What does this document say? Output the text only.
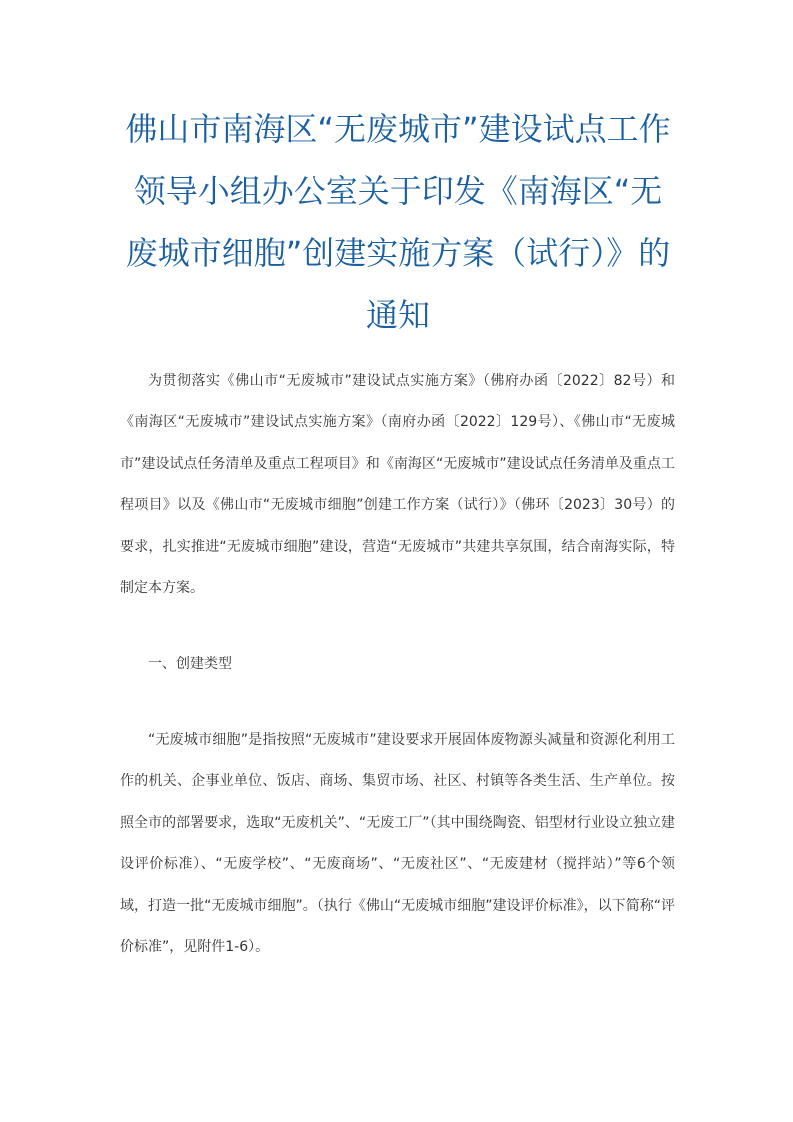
佛山市南海区“无废城市”建设试点工作领导小组办公室关于印发《南海区“无废城市细胞”创建实施方案（试行）》的通知

为贯彻落实《佛山市“无废城市”建设试点实施方案》（佛府办函〔2022〕82号）和《南海区“无废城市”建设试点实施方案》（南府办函〔2022〕129号）、《佛山市“无废城市”建设试点任务清单及重点工程项目》和《南海区“无废城市”建设试点任务清单及重点工程项目》以及《佛山市“无废城市细胞”创建工作方案（试行）》（佛环〔2023〕30号）的要求，扎实推进“无废城市细胞”建设，营造“无废城市”共建共享氛围，结合南海实际，特制定本方案。

一、创建类型

“无废城市细胞”是指按照“无废城市”建设要求开展固体废物源头减量和资源化利用工作的机关、企事业单位、饭店、商场、集贸市场、社区、村镇等各类生活、生产单位。按照全市的部署要求，选取“无废机关”、“无废工厂”（其中围绕陶瓷、铝型材行业设立独立建设评价标准）、“无废学校”、“无废商场”、“无废社区”、“无废建材（搅拌站）”等6个领域，打造一批“无废城市细胞”。（执行《佛山“无废城市细胞”建设评价标准》，以下简称“评价标准”，见附件1-6）。
